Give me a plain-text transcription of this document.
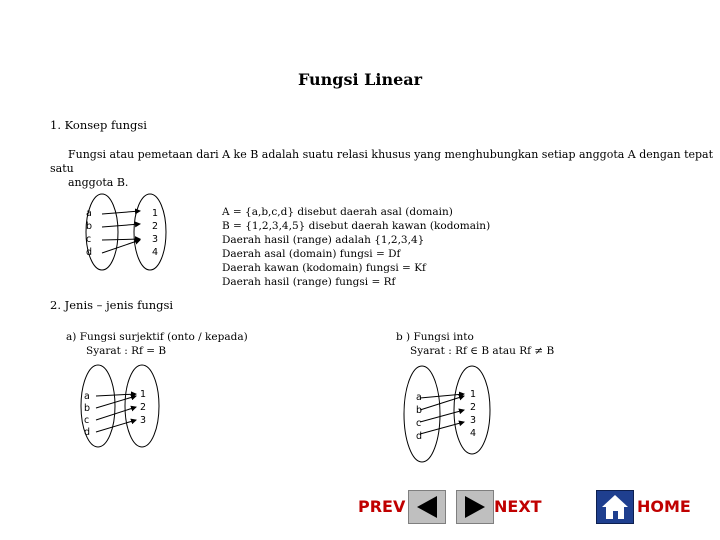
Fungsi Linear
1. Konsep fungsi
Fungsi atau pemetaan dari A ke B adalah suatu relasi khusus yang menghubungkan setiap anggota A dengan tepat
satu
anggota B.
a
b
c
d
1
2
3
4
A = {a,b,c,d} disebut daerah asal (domain)
B = {1,2,3,4,5} disebut daerah kawan (kodomain)
Daerah hasil (range) adalah {1,2,3,4}
Daerah asal (domain) fungsi = Df
Daerah kawan (kodomain) fungsi = Kf
Daerah hasil (range) fungsi = Rf
2. Jenis – jenis fungsi
a) Fungsi surjektif (onto / kepada)
Syarat : Rf = B
b ) Fungsi into
Syarat : Rf ∈ B atau Rf ≠ B
a
b
c
d
1
2
3
a
b
c
d
1
2
3
4
PREV	NEXT	HOME
